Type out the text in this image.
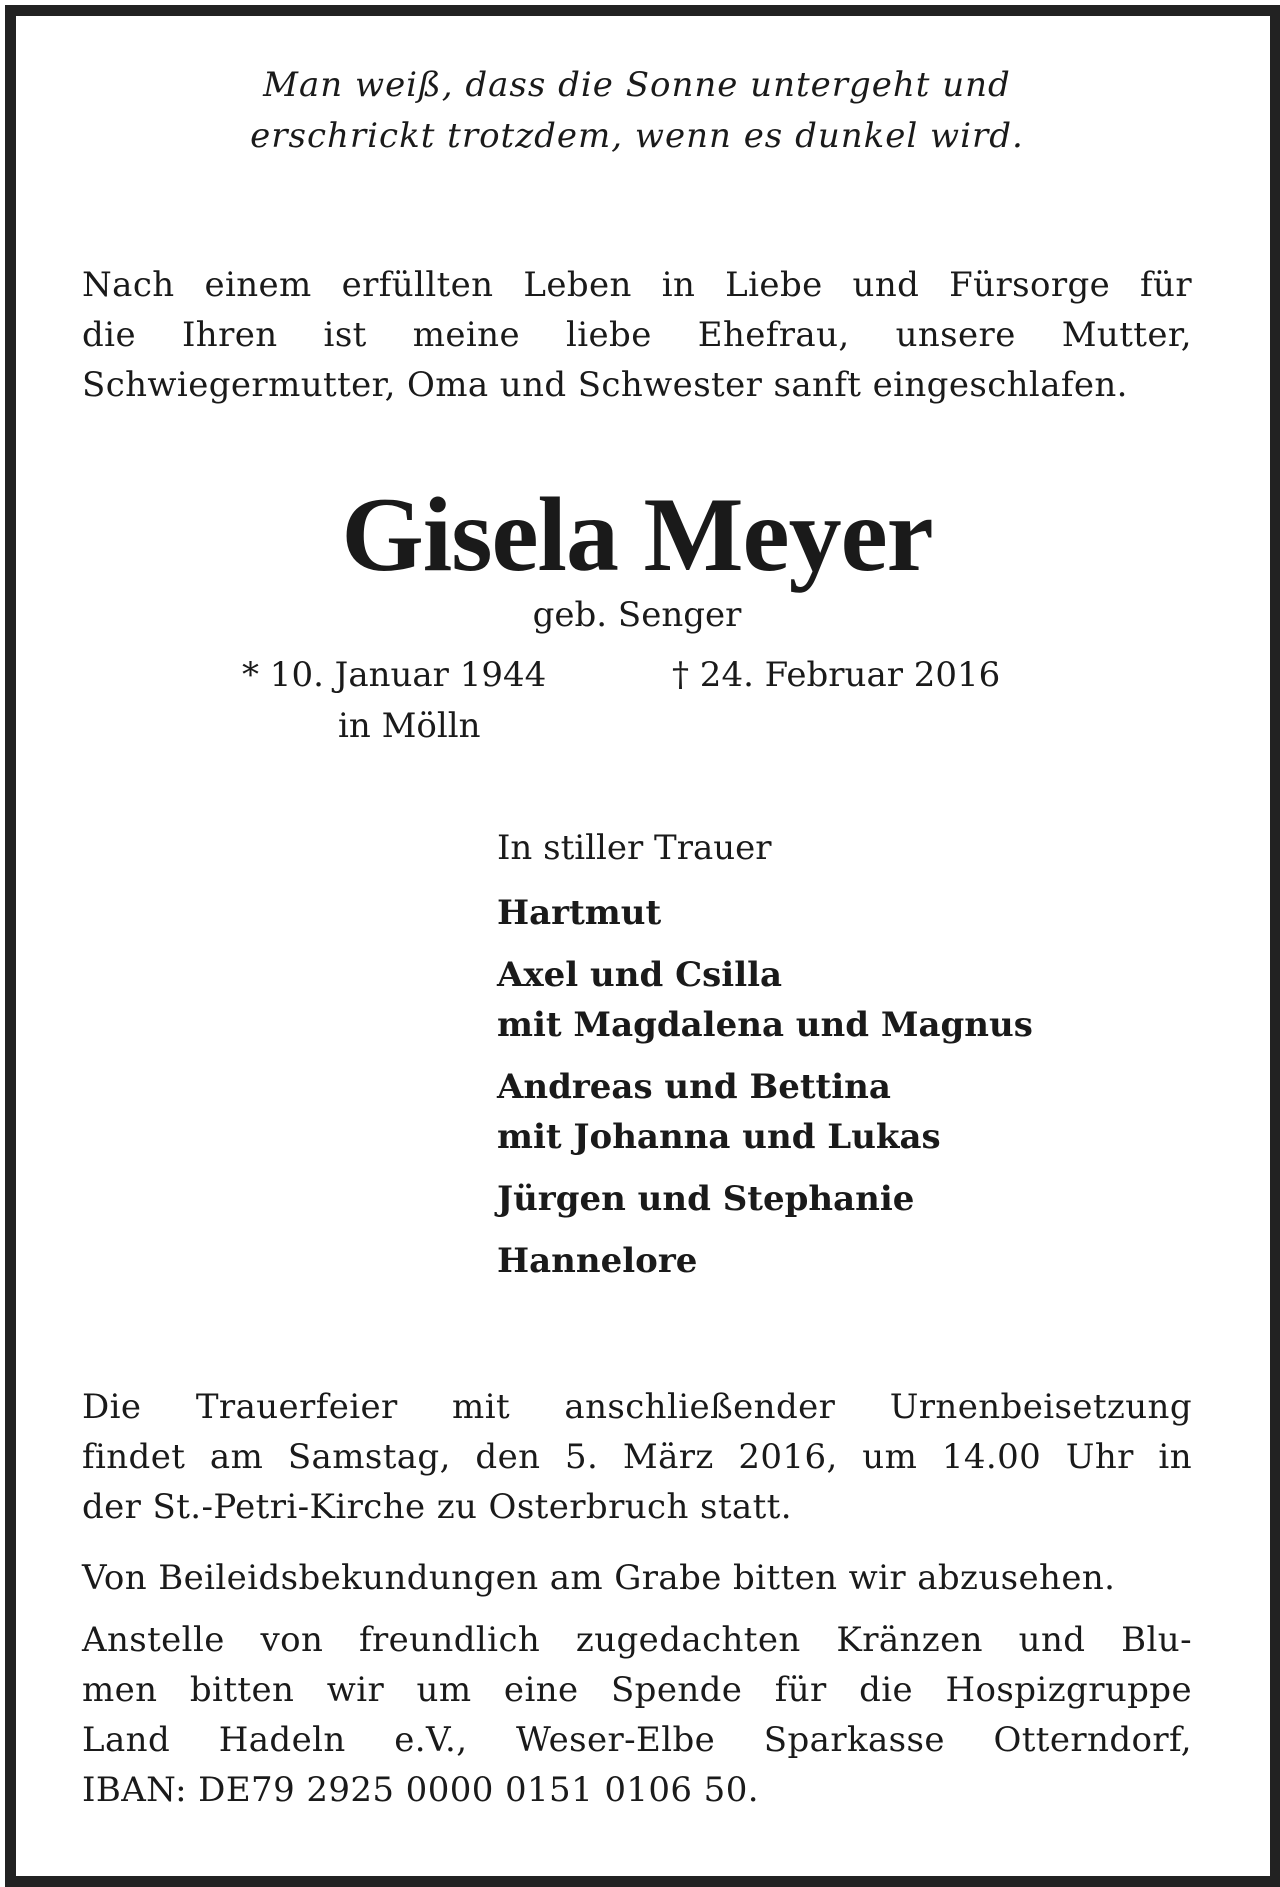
Man weiß, dass die Sonne untergeht und
erschrickt trotzdem, wenn es dunkel wird.
Nach einem erfüllten Leben in Liebe und Fürsorge für
die Ihren ist meine liebe Ehefrau, unsere Mutter,
Schwiegermutter, Oma und Schwester sanft eingeschlafen.
Gisela Meyer
geb. Senger
* 10. Januar 1944	† 24. Februar 2016
in Mölln
In stiller Trauer
Hartmut
Axel und Csilla
mit Magdalena und Magnus
Andreas und Bettina
mit Johanna und Lukas
Jürgen und Stephanie
Hannelore
Die Trauerfeier mit anschließender Urnenbeisetzung
findet am Samstag, den 5. März 2016, um 14.00 Uhr in
der St.-Petri-Kirche zu Osterbruch statt.
Von Beileidsbekundungen am Grabe bitten wir abzusehen.
Anstelle von freundlich zugedachten Kränzen und Blu-
men bitten wir um eine Spende für die Hospizgruppe
Land Hadeln e.V., Weser-Elbe Sparkasse Otterndorf,
IBAN: DE79 2925 0000 0151 0106 50.
